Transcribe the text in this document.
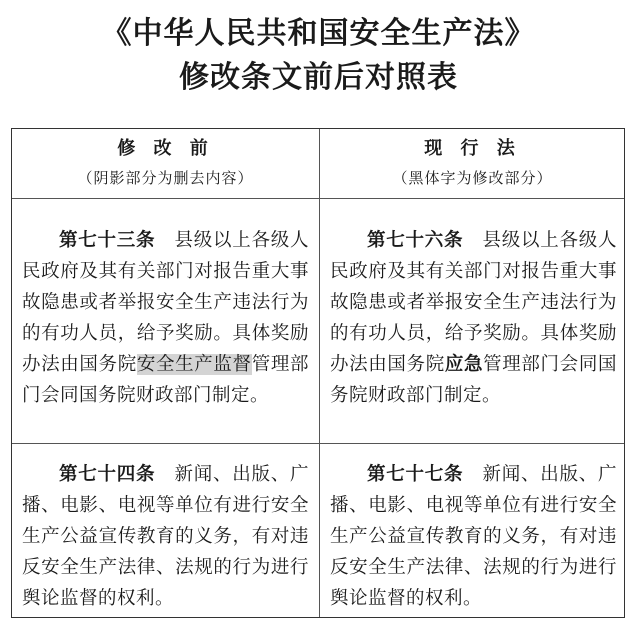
《中华人民共和国安全生产法》
修改条文前后对照表
修 改 前
（阴影部分为删去内容）
现 行 法
（黑体字为修改部分）
第七十三条　县级以上各级人民政府及其有关部门对报告重大事故隐患或者举报安全生产违法行为的有功人员，给予奖励。具体奖励办法由国务院安全生产监督管理部门会同国务院财政部门制定。
第七十六条　县级以上各级人民政府及其有关部门对报告重大事故隐患或者举报安全生产违法行为的有功人员，给予奖励。具体奖励办法由国务院应急管理部门会同国务院财政部门制定。
第七十四条　新闻、出版、广播、电影、电视等单位有进行安全生产公益宣传教育的义务，有对违反安全生产法律、法规的行为进行舆论监督的权利。
第七十七条　新闻、出版、广播、电影、电视等单位有进行安全生产公益宣传教育的义务，有对违反安全生产法律、法规的行为进行舆论监督的权利。
